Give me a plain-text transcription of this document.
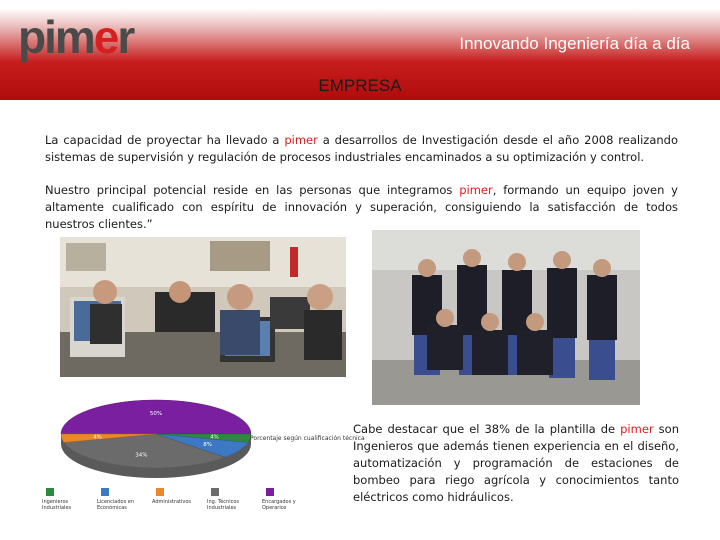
pimer	Innovando Ingeniería día a día
EMPRESA

La capacidad de proyectar ha llevado a pimer a desarrollos de Investigación desde el año 2008 realizando sistemas de supervisión y regulación de procesos industriales encaminados a su optimización y control.

Nuestro principal potencial reside en las personas que integramos pimer, formando un equipo joven y altamente cualificado con espíritu de innovación y superación, consiguiendo la satisfacción de todos nuestros clientes.”

50%
4%
8%
34%
4%	Porcentaje según cualificación técnica
Ingenieros Industriales
Licenciados en Económicas
Administrativos	Ing. Técnicos Industriales
Encargados y Operarios

Cabe destacar que el 38% de la plantilla de pimer son Ingenieros que además tienen experiencia en el diseño, automatización y programación de estaciones de bombeo para riego agrícola y conocimientos tanto eléctricos como hidráulicos.
